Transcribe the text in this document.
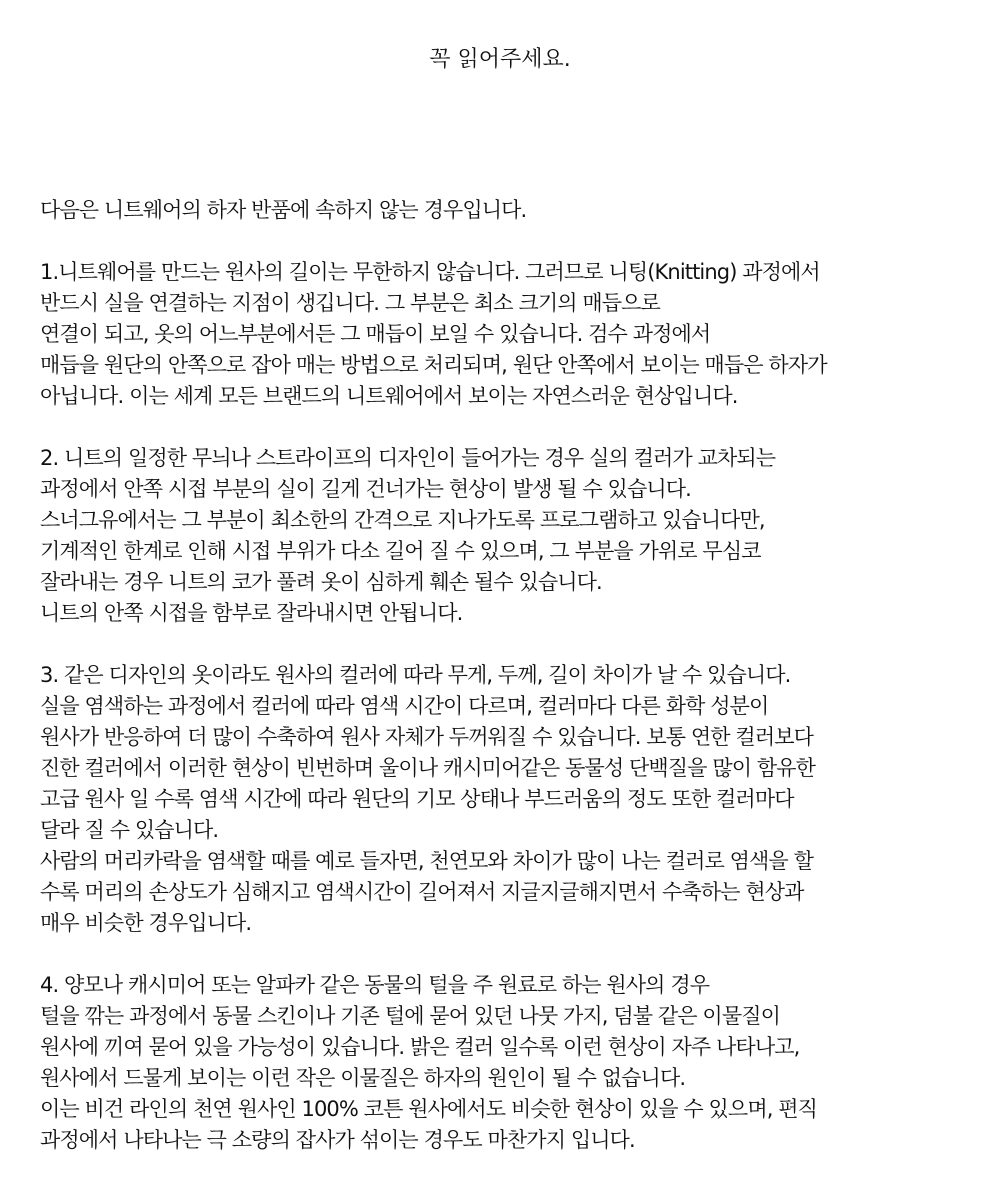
꼭 읽어주세요.
다음은 니트웨어의 하자 반품에 속하지 않는 경우입니다.
1.니트웨어를 만드는 원사의 길이는 무한하지 않습니다. 그러므로 니팅(Knitting) 과정에서
반드시 실을 연결하는 지점이 생깁니다. 그 부분은 최소 크기의 매듭으로
연결이 되고, 옷의 어느부분에서든 그 매듭이 보일 수 있습니다. 검수 과정에서
매듭을 원단의 안쪽으로 잡아 매는 방법으로 처리되며, 원단 안쪽에서 보이는 매듭은 하자가
아닙니다. 이는 세계 모든 브랜드의 니트웨어에서 보이는 자연스러운 현상입니다.
2. 니트의 일정한 무늬나 스트라이프의 디자인이 들어가는 경우 실의 컬러가 교차되는
과정에서 안쪽 시접 부분의 실이 길게 건너가는 현상이 발생 될 수 있습니다.
스너그유에서는 그 부분이 최소한의 간격으로 지나가도록 프로그램하고 있습니다만,
기계적인 한계로 인해 시접 부위가 다소 길어 질 수 있으며, 그 부분을 가위로 무심코
잘라내는 경우 니트의 코가 풀려 옷이 심하게 훼손 될수 있습니다.
니트의 안쪽 시접을 함부로 잘라내시면 안됩니다.
3. 같은 디자인의 옷이라도 원사의 컬러에 따라 무게, 두께, 길이 차이가 날 수 있습니다.
실을 염색하는 과정에서 컬러에 따라 염색 시간이 다르며, 컬러마다 다른 화학 성분이
원사가 반응하여 더 많이 수축하여 원사 자체가 두꺼워질 수 있습니다. 보통 연한 컬러보다
진한 컬러에서 이러한 현상이 빈번하며 울이나 캐시미어같은 동물성 단백질을 많이 함유한
고급 원사 일 수록 염색 시간에 따라 원단의 기모 상태나 부드러움의 정도 또한 컬러마다
달라 질 수 있습니다.
사람의 머리카락을 염색할 때를 예로 들자면, 천연모와 차이가 많이 나는 컬러로 염색을 할
수록 머리의 손상도가 심해지고 염색시간이 길어져서 지글지글해지면서 수축하는 현상과
매우 비슷한 경우입니다.
4. 양모나 캐시미어 또는 알파카 같은 동물의 털을 주 원료로 하는 원사의 경우
털을 깎는 과정에서 동물 스킨이나 기존 털에 묻어 있던 나뭇 가지, 덤불 같은 이물질이
원사에 끼여 묻어 있을 가능성이 있습니다. 밝은 컬러 일수록 이런 현상이 자주 나타나고,
원사에서 드물게 보이는 이런 작은 이물질은 하자의 원인이 될 수 없습니다.
이는 비건 라인의 천연 원사인 100% 코튼 원사에서도 비슷한 현상이 있을 수 있으며, 편직
과정에서 나타나는 극 소량의 잡사가 섞이는 경우도 마찬가지 입니다.
